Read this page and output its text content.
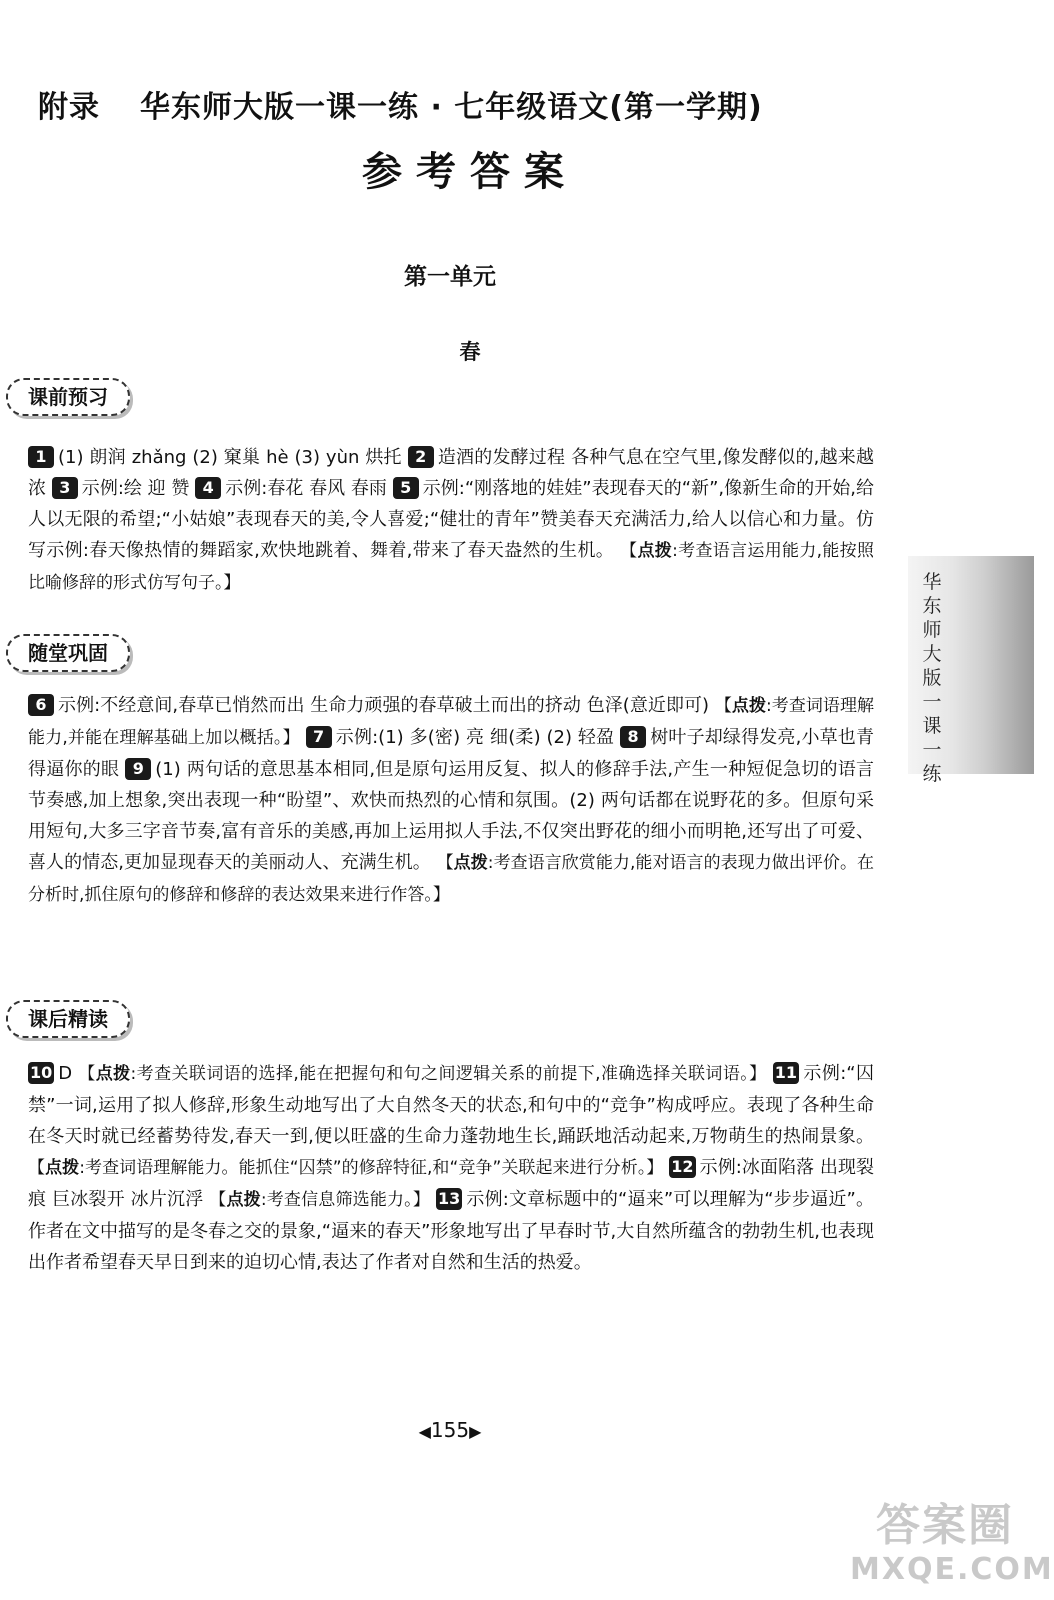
附录 华东师大版一课一练 · 七年级语文(第一学期)
参考答案
第一单元
春
课前预习

1 (1) 朗润 zhǎng (2) 窠巢 hè (3) yùn 烘托 2 造酒的发酵过程 各种气息在空气里,像发酵似的,越来越浓 3 示例:绘 迎 赞 4 示例:春花 春风 春雨 5 示例:“刚落地的娃娃”表现春天的“新”,像新生命的开始,给人以无限的希望;“小姑娘”表现春天的美,令人喜爱;“健壮的青年”赞美春天充满活力,给人以信心和力量。仿写示例:春天像热情的舞蹈家,欢快地跳着、舞着,带来了春天盎然的生机。 【点拨:考查语言运用能力,能按照比喻修辞的形式仿写句子。】

随堂巩固

6 示例:不经意间,春草已悄然而出 生命力顽强的春草破土而出的挤动 色泽(意近即可) 【点拨:考查词语理解能力,并能在理解基础上加以概括。】 7 示例:(1) 多(密) 亮 细(柔) (2) 轻盈 8 树叶子却绿得发亮,小草也青得逼你的眼 9 (1) 两句话的意思基本相同,但是原句运用反复、拟人的修辞手法,产生一种短促急切的语言节奏感,加上想象,突出表现一种“盼望”、欢快而热烈的心情和氛围。(2) 两句话都在说野花的多。但原句采用短句,大多三字音节奏,富有音乐的美感,再加上运用拟人手法,不仅突出野花的细小而明艳,还写出了可爱、喜人的情态,更加显现春天的美丽动人、充满生机。 【点拨:考查语言欣赏能力,能对语言的表现力做出评价。在分析时,抓住原句的修辞和修辞的表达效果来进行作答。】

课后精读

10 D 【点拨:考查关联词语的选择,能在把握句和句之间逻辑关系的前提下,准确选择关联词语。】 11 示例:“囚禁”一词,运用了拟人修辞,形象生动地写出了大自然冬天的状态,和句中的“竞争”构成呼应。表现了各种生命在冬天时就已经蓄势待发,春天一到,便以旺盛的生命力蓬勃地生长,踊跃地活动起来,万物萌生的热闹景象。 【点拨:考查词语理解能力。能抓住“囚禁”的修辞特征,和“竞争”关联起来进行分析。】 12 示例:冰面陷落 出现裂痕 巨冰裂开 冰片沉浮 【点拨:考查信息筛选能力。】 13 示例:文章标题中的“逼来”可以理解为“步步逼近”。作者在文中描写的是冬春之交的景象,“逼来的春天”形象地写出了早春时节,大自然所蕴含的勃勃生机,也表现出作者希望春天早日到来的迫切心情,表达了作者对自然和生活的热爱。

华东师大版一课一练
◀155▶
答案圈
MXQE.COM
